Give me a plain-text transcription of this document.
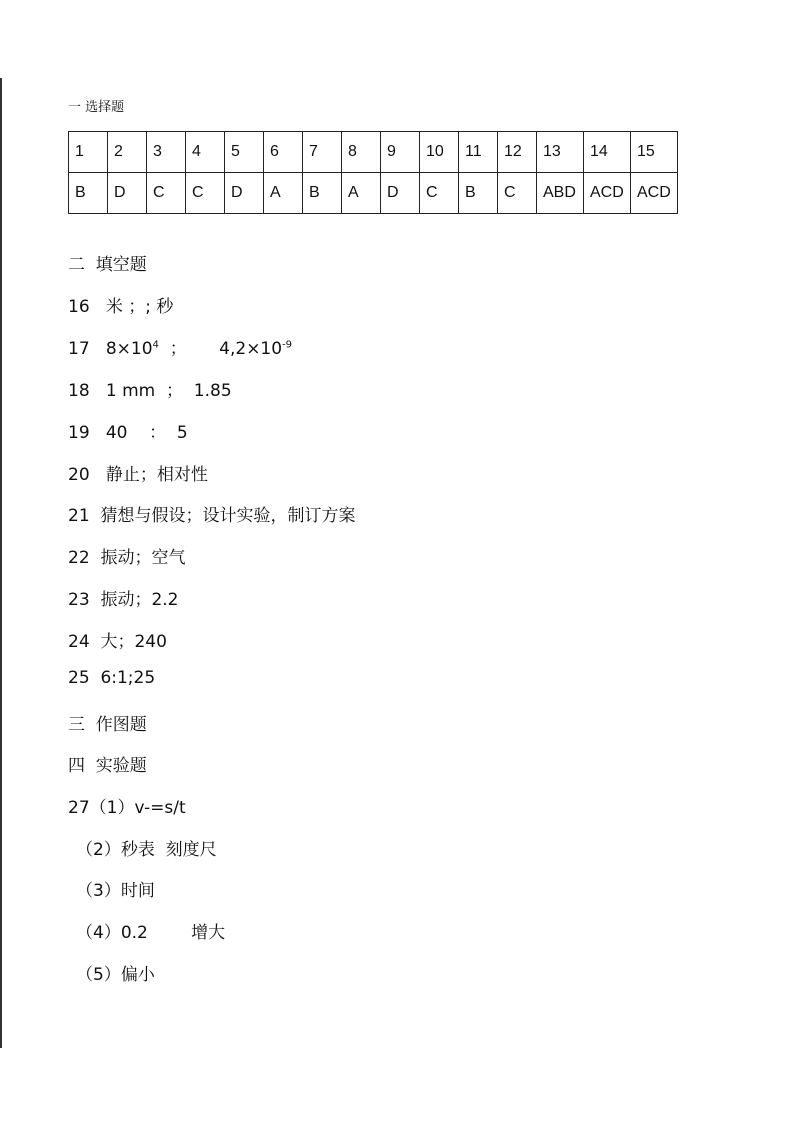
一 选择题
1	2	3	4	5	6	7	8	9	10	11	12	13	14	15
B	D	C	C	D	A	B	A	D	C	B	C	ABD	ACD	ACD
二  填空题
16   米 ；; 秒
17   $8\times 10^4$  ；      $4,2\times 10^{-9}$
18   1 mm  ；  1.85
19   40    ：  5
20   静止；相对性
21  猜想与假设；设计实验，制订方案
22  振动；空气
23  振动；2.2
24  大；240
25  6:1;25
三  作图题
四  实验题
27（1）v-=s/t
（2）秒表  刻度尺
（3）时间
（4）0.2        增大
（5）偏小
